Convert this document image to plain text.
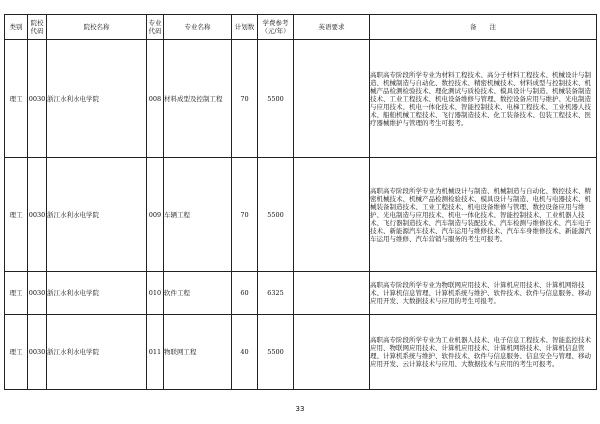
类别	院校代码	院校名称	专业代码	专业名称	计划数	学费参考（元/年）	英语要求	备　　注
理工	0030	浙江水利水电学院	008	材料成型及控制工程	70	5500		高职高专阶段所学专业为材料工程技术、高分子材料工程技术、机械设计与制造、机械制造与自动化、数控技术、精密机械技术、材料成型与控制技术、机械产品检测检验技术、理化测试与质检技术、模具设计与制造、机械装备制造技术、工业工程技术、机电设备维修与管理、数控设备应用与维护、光电制造与应用技术、机电一体化技术、智能控制技术、电梯工程技术、工业机器人技术、船舶机械工程技术、飞行器制造技术、化工装备技术、包装工程技术、医疗器械维护与管理的考生可报考。
理工	0030	浙江水利水电学院	009	车辆工程	70	5500		高职高专阶段所学专业为机械设计与制造、机械制造与自动化、数控技术、精密机械技术、机械产品检测检验技术、模具设计与制造、电机与电器技术、机械装备制造技术、工业工程技术、机电设备维修与管理、数控设备应用与维护、光电制造与应用技术、机电一体化技术、智能控制技术、工业机器人技术、飞行器制造技术、汽车制造与装配技术、汽车检测与维修技术、汽车电子技术、新能源汽车技术、汽车运用与维修技术、汽车车身维修技术、新能源汽车运用与维修、汽车营销与服务的考生可报考。
理工	0030	浙江水利水电学院	010	软件工程	60	6325		高职高专阶段所学专业为物联网应用技术、计算机应用技术、计算机网络技术、计算机信息管理、计算机系统与维护、软件技术、软件与信息服务、移动应用开发、大数据技术与应用的考生可报考。
理工	0030	浙江水利水电学院	011	物联网工程	40	5500		高职高专阶段所学专业为工业机器人技术、电子信息工程技术、智能监控技术应用、物联网应用技术、计算机应用技术、计算机网络技术、计算机信息管理、计算机系统与维护、软件技术、软件与信息服务、信息安全与管理、移动应用开发、云计算技术与应用、大数据技术与应用的考生可报考。
33
